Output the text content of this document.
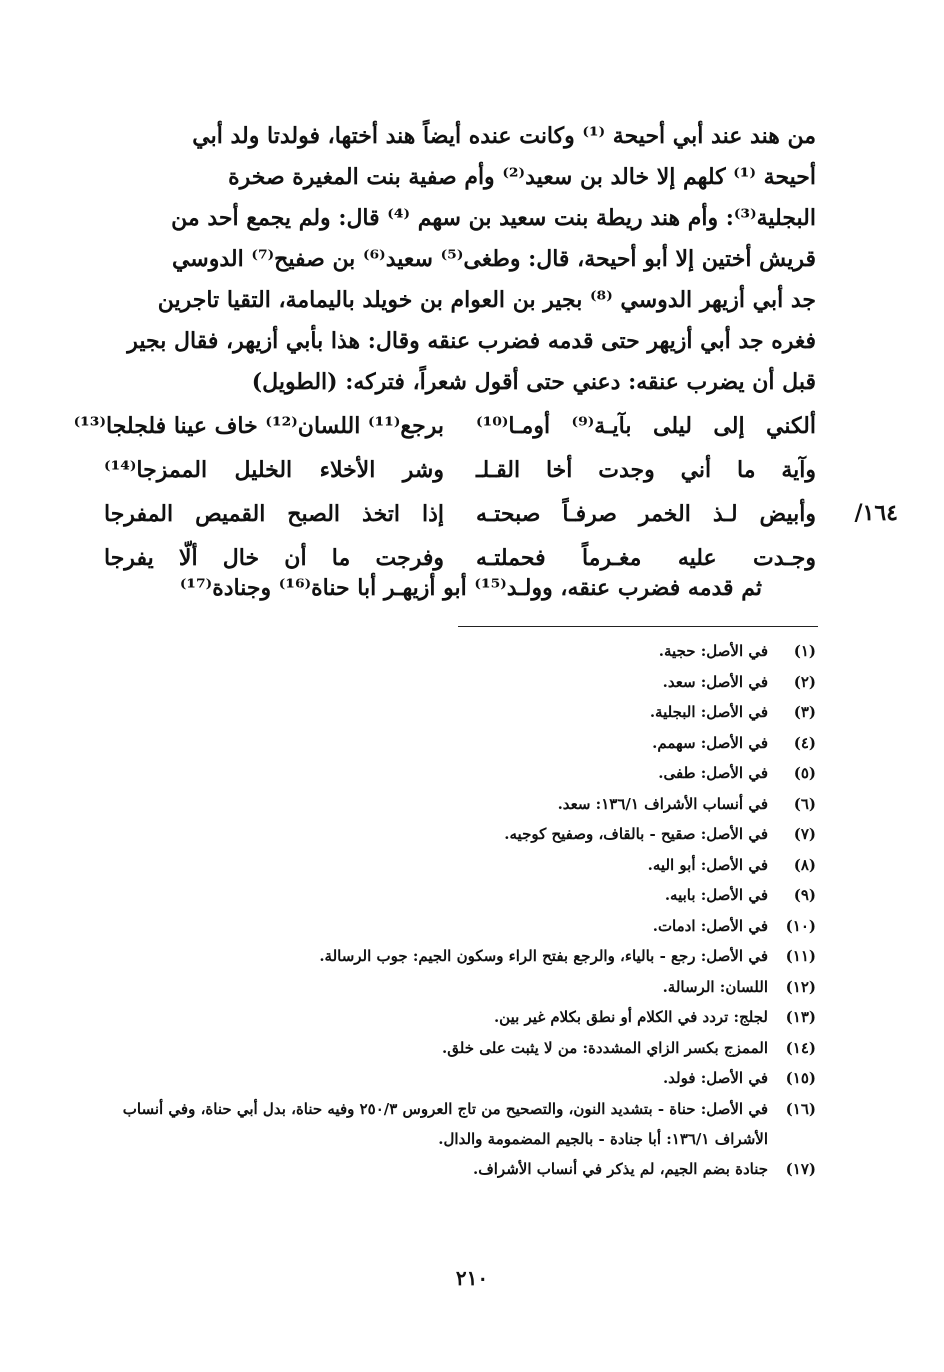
من هند عند أبي أحيحة ⁽¹⁾ وكانت عنده أيضاً هند أختها، فولدتا ولد أبي

أحيحة ⁽¹⁾ كلهم إلا خالد بن سعيد⁽²⁾ وأم صفية بنت المغيرة صخرة

البجلية⁽³⁾: وأم هند ريطة بنت سعيد بن سهم ⁽⁴⁾ قال: ولم يجمع أحد من

قريش أختين إلا أبو أحيحة، قال: وطغى⁽⁵⁾ سعيد⁽⁶⁾ بن صفيح⁽⁷⁾ الدوسي

جد أبي أزيهر الدوسي ⁽⁸⁾ بجير بن العوام بن خويلد باليمامة، التقيا تاجرين

فغره جد أبي أزيهر حتى قدمه فضرب عنقه وقال: هذا بأبي أزيهر، فقال بجير

قبل أن يضرب عنقه: دعني حتى أقول شعراً، فتركه: (الطويل)

ألكني إلى ليلى بآيـة⁽⁹⁾ أومـا⁽¹⁰⁾
برجع⁽¹¹⁾ اللسان⁽¹²⁾ خاف عينا فلجلجا⁽¹³⁾
وآية ما أني وجدت أخا القـلـ
وشر الأخلاء الخليل الممزجا⁽¹⁴⁾
وأبيض لـذ الخمر صرفـاً صبحتـه
إذا اتخذ الصبح القميص المفرجا
وجـدت عليه مغـرماً فحملتـه
وفرجت ما أن خال ألّا يفرجا
١٦٤/
ثم قدمه فضرب عنقه، وولـد⁽¹⁵⁾ أبو أزيهـر أبا حناة⁽¹⁶⁾ وجنادة⁽¹⁷⁾
(١)
في الأصل: حجية.
(٢)
في الأصل: سعد.
(٣)
في الأصل: البجلية.
(٤)
في الأصل: سهمم.
(٥)
في الأصل: طفى.
(٦)
في أنساب الأشراف ١٣٦/١: سعد.
(٧)
في الأصل: صقيح - بالقاف، وصفيح كوجيه.
(٨)
في الأصل: أبو اليه.
(٩)
في الأصل: بابيه.
(١٠)
في الأصل: ادمات.
(١١)
في الأصل: رجع - بالياء، والرجع بفتح الراء وسكون الجيم: جوب الرسالة.
(١٢)
اللسان: الرسالة.
(١٣)
لجلج: تردد في الكلام أو نطق بكلام غير بين.
(١٤)
الممزج بكسر الزاي المشددة: من لا يثبت على خلق.
(١٥)
في الأصل: فولد.
(١٦)
في الأصل: حناة - بتشديد النون، والتصحيح من تاج العروس ٢٥٠/٣ وفيه حناة، بدل أبي حناة، وفي أنساب الأشراف ١٣٦/١: أبا جنادة - بالجيم المضمومة والدال.
(١٧)
جنادة بضم الجيم، لم يذكر في أنساب الأشراف.
٢١٠
